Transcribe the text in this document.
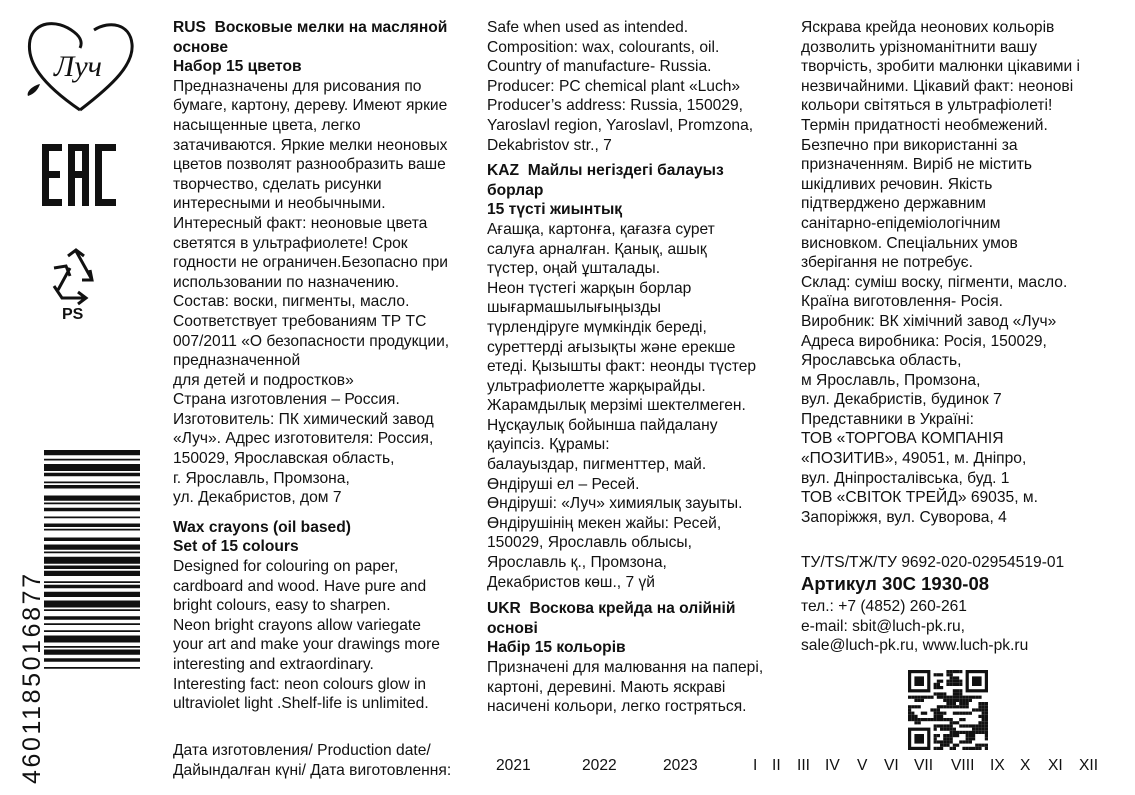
Луч
PS
4601185016877
RUS Восковые мелки на масляной
основе
Набор 15 цветов
Предназначены для рисования по
бумаге, картону, дереву. Имеют яркие
насыщенные цвета, легко
затачиваются. Яркие мелки неоновых
цветов позволят разнообразить ваше
творчество, сделать рисунки
интересными и необычными.
Интересный факт: неоновые цвета
светятся в ультрафиолете! Срок
годности не ограничен.Безопасно при
использовании по назначению.
Состав: воски, пигменты, масло.
Соответствует требованиям ТР ТС
007/2011 «О безопасности продукции,
предназначенной
для детей и подростков»
Страна изготовления – Россия.
Изготовитель: ПК химический завод
«Луч». Адрес изготовителя: Россия,
150029, Ярославская область,
г. Ярославль, Промзона,
ул. Декабристов, дом 7
Wax crayons (oil based)
Set of 15 colours
Designed for colouring on paper,
cardboard and wood. Have pure and
bright colours, easy to sharpen.
Neon bright crayons allow variegate
your art and make your drawings more
interesting and extraordinary.
Interesting fact: neon colours glow in
ultraviolet light .Shelf-life is unlimited.
Safe when used as intended.
Composition: wax, colourants, oil.
Country of manufacture- Russia.
Producer: PC chemical plant «Luch»
Producer’s address: Russia, 150029,
Yaroslavl region, Yaroslavl, Promzona,
Dekabristov str., 7
KAZ Майлы негіздегі балауыз
борлар
15 түсті жиынтық
Ағашқа, картонға, қағазға сурет
салуға арналған. Қанық, ашық
түстер, оңай ұшталады.
Неон түстегі жарқын борлар
шығармашылығыңызды
түрлендіруге мүмкіндік береді,
суреттерді ағызықты және ерекше
етеді. Қызышты факт: неонды түстер
ультрафиолетте жарқырайды.
Жарамдылық мерзімі шектелмеген.
Нұсқаулық бойынша пайдалану
қауіпсіз. Құрамы:
балауыздар, пигменттер, май.
Өндіруші ел – Ресей.
Өндіруші: «Луч» химиялық зауыты.
Өндірушінің мекен жайы: Ресей,
150029, Ярославль облысы,
Ярославль қ., Промзона,
Декабристов көш., 7 үй
UKR Воскова крейда на олійній
основі
Набір 15 кольорів
Призначені для малювання на папері,
картоні, деревині. Мають яскраві
насичені кольори, легко гостряться.
Яскрава крейда неонових кольорів
дозволить урізноманітнити вашу
творчість, зробити малюнки цікавими і
незвичайними. Цікавий факт: неонові
кольори світяться в ультрафіолеті!
Термін придатності необмежений.
Безпечно при використанні за
призначенням. Виріб не містить
шкідливих речовин. Якість
підтверджено державним
санітарно-епідеміологічним
висновком. Спеціальних умов
зберігання не потребує.
Склад: суміш воску, пігменти, масло.
Країна виготовлення- Росія.
Виробник: ВК хімічний завод «Луч»
Адреса виробника: Росія, 150029,
Ярославська область,
м Ярославль, Промзона,
вул. Декабристів, будинок 7
Представники в Україні:
ТОВ «ТОРГОВА КОМПАНІЯ
«ПОЗИТИВ», 49051, м. Дніпро,
вул. Дніпросталівська, буд. 1
ТОВ «СВІТОК ТРЕЙД» 69035, м.
Запоріжжя, вул. Суворова, 4
ТУ/TS/ТЖ/ТУ 9692-020-02954519-01
Артикул 30С 1930-08
тел.: +7 (4852) 260-261
e-mail: sbit@luch-pk.ru,
sale@luch-pk.ru, www.luch-pk.ru
Дата изготовления/ Production date/
Дайындалған күні/ Дата виготовлення:	2021	2022	2023	I II III IV V VI VII VIII IX X XI XII
